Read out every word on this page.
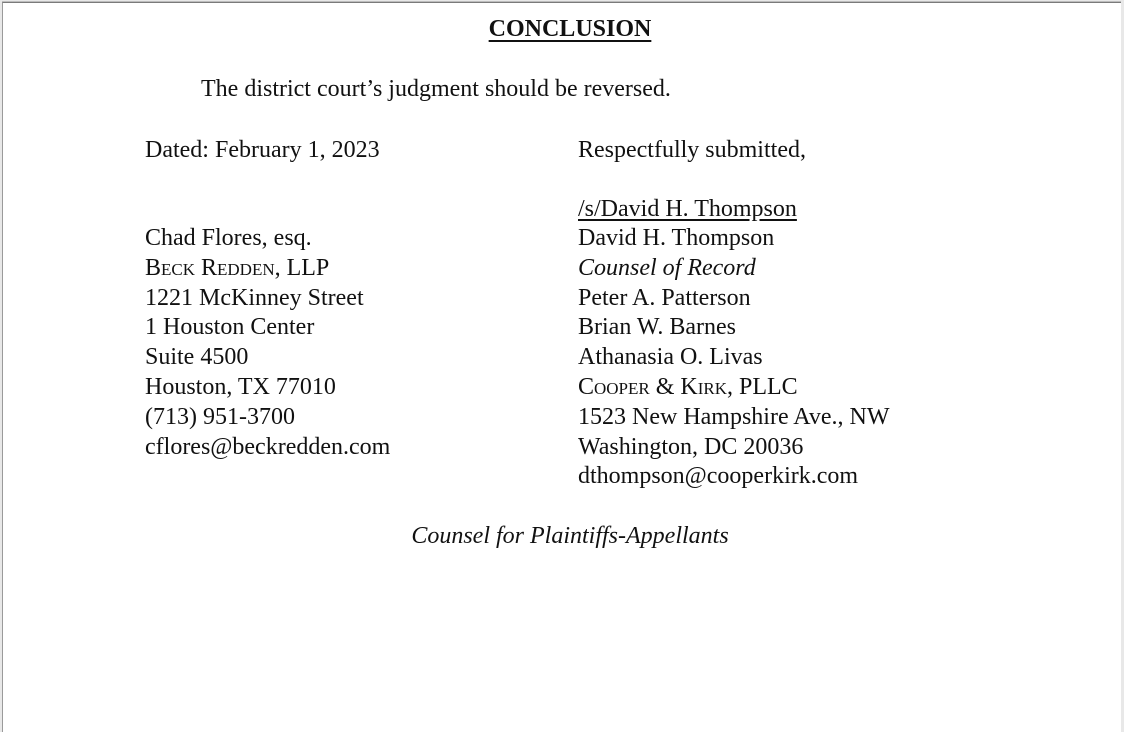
CONCLUSION
The district court’s judgment should be reversed.
Dated: February 1, 2023	Respectfully submitted,
/s/David H. Thompson
Chad Flores, esq.
Beck Redden, LLP
1221 McKinney Street
1 Houston Center
Suite 4500
Houston, TX 77010
(713) 951-3700
cflores@beckredden.com
David H. Thompson
Counsel of Record
Peter A. Patterson
Brian W. Barnes
Athanasia O. Livas
Cooper & Kirk, PLLC
1523 New Hampshire Ave., NW
Washington, DC 20036
dthompson@cooperkirk.com
Counsel for Plaintiffs-Appellants
